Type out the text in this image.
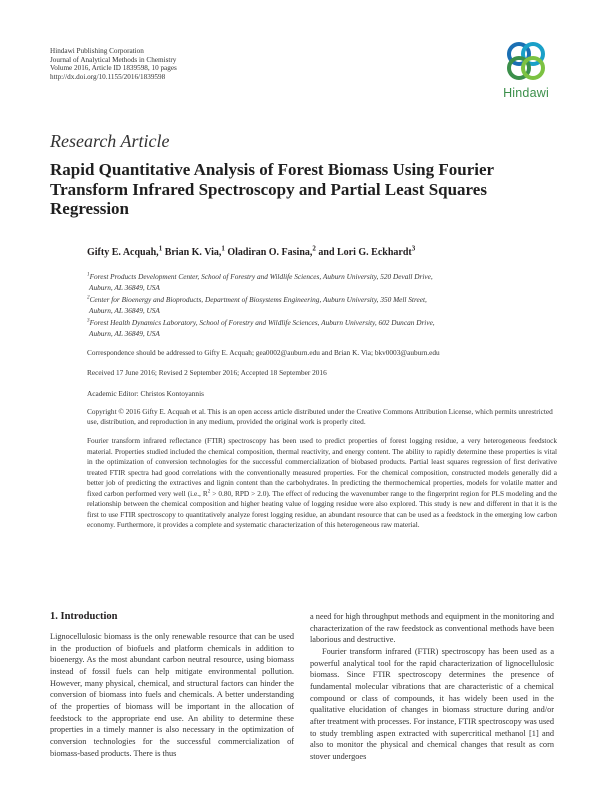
Hindawi Publishing Corporation
Journal of Analytical Methods in Chemistry
Volume 2016, Article ID 1839598, 10 pages
http://dx.doi.org/10.1155/2016/1839598
Hindawi
Research Article
Rapid Quantitative Analysis of Forest Biomass Using Fourier Transform Infrared Spectroscopy and Partial Least Squares Regression
Gifty E. Acquah,$^1$ Brian K. Via,$^1$ Oladiran O. Fasina,$^2$ and Lori G. Eckhardt$^3$
$^1$Forest Products Development Center, School of Forestry and Wildlife Sciences, Auburn University, 520 Devall Drive,
Auburn, AL 36849, USA
$^2$Center for Bioenergy and Bioproducts, Department of Biosystems Engineering, Auburn University, 350 Mell Street,
Auburn, AL 36849, USA
$^3$Forest Health Dynamics Laboratory, School of Forestry and Wildlife Sciences, Auburn University, 602 Duncan Drive,
Auburn, AL 36849, USA
Correspondence should be addressed to Gifty E. Acquah; gea0002@auburn.edu and Brian K. Via; bkv0003@auburn.edu
Received 17 June 2016; Revised 2 September 2016; Accepted 18 September 2016
Academic Editor: Christos Kontoyannis
Copyright © 2016 Gifty E. Acquah et al. This is an open access article distributed under the Creative Commons Attribution License, which permits unrestricted use, distribution, and reproduction in any medium, provided the original work is properly cited.

Fourier transform infrared reflectance (FTIR) spectroscopy has been used to predict properties of forest logging residue, a very heterogeneous feedstock material. Properties studied included the chemical composition, thermal reactivity, and energy content. The ability to rapidly determine these properties is vital in the optimization of conversion technologies for the successful commercialization of biobased products. Partial least squares regression of first derivative treated FTIR spectra had good correlations with the conventionally measured properties. For the chemical composition, constructed models generally did a better job of predicting the extractives and lignin content than the carbohydrates. In predicting the thermochemical properties, models for volatile matter and fixed carbon performed very well (i.e., $R^2 > 0.80$, RPD > 2.0). The effect of reducing the wavenumber range to the fingerprint region for PLS modeling and the relationship between the chemical composition and higher heating value of logging residue were also explored. This study is new and different in that it is the first to use FTIR spectroscopy to quantitatively analyze forest logging residue, an abundant resource that can be used as a feedstock in the emerging low carbon economy. Furthermore, it provides a complete and systematic characterization of this heterogeneous raw material.

1. Introduction

Lignocellulosic biomass is the only renewable resource that can be used in the production of biofuels and platform chemicals in addition to bioenergy. As the most abundant carbon neutral resource, using biomass instead of fossil fuels can help mitigate environmental pollution. However, many physical, chemical, and structural factors can hinder the conversion of biomass into fuels and chemicals. A better understanding of the properties of biomass will be important in the allocation of feedstock to the appropriate end use. An ability to determine these properties in a timely manner is also necessary in the optimization of conversion technologies for the successful commercialization of biomass-based products. There is thus

a need for high throughput methods and equipment in the monitoring and characterization of the raw feedstock as conventional methods have been laborious and destructive.

Fourier transform infrared (FTIR) spectroscopy has been used as a powerful analytical tool for the rapid characterization of lignocellulosic biomass. Since FTIR spectroscopy determines the presence of fundamental molecular vibrations that are characteristic of a chemical compound or class of compounds, it has widely been used in the qualitative elucidation of changes in biomass structure during and/or after treatment with processes. For instance, FTIR spectroscopy was used to study trembling aspen extracted with supercritical methanol [1] and also to monitor the physical and chemical changes that result as corn stover undergoes
